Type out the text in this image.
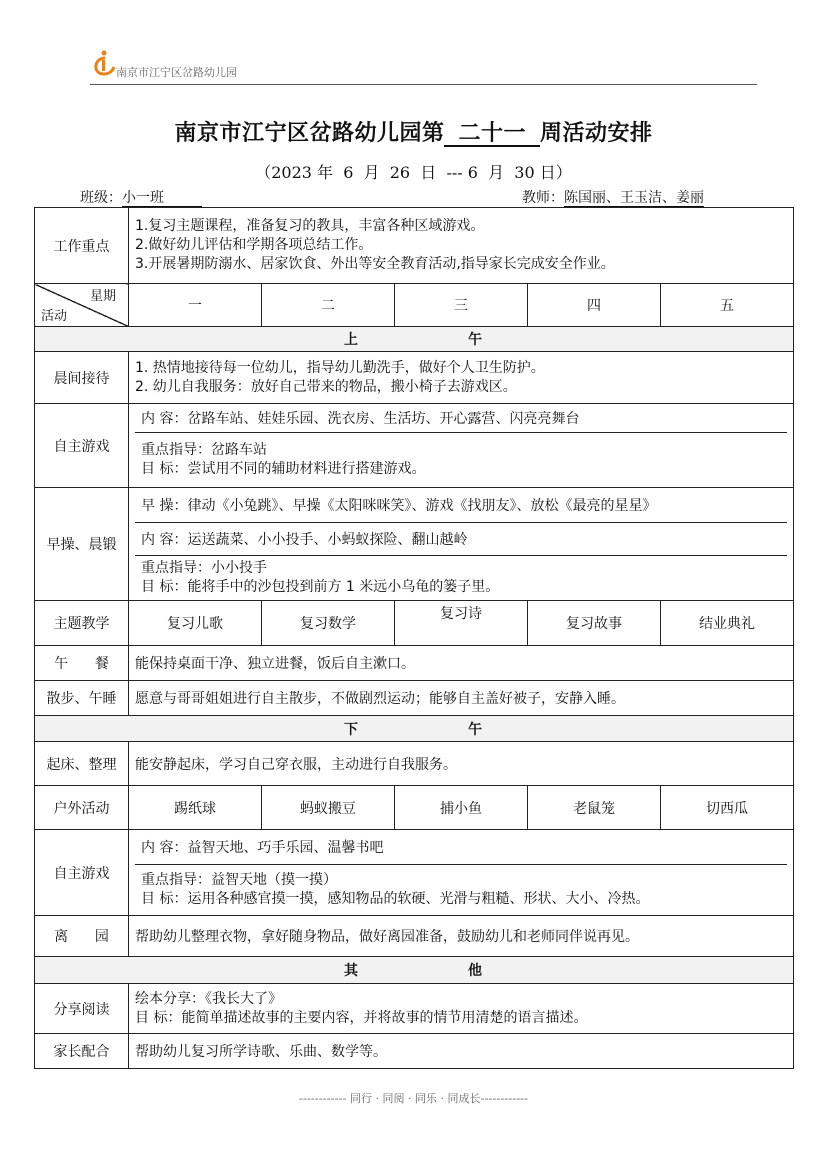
南京市江宁区岔路幼儿园
南京市江宁区岔路幼儿园第 二十一 周活动安排
（2023 年  6  月  26  日  --- 6  月  30 日）
班级：小一班	教师：陈国丽、王玉洁、姜丽
工作重点	1.复习主题课程，准备复习的教具，丰富各种区域游戏。
2.做好幼儿评估和学期各项总结工作。
3.开展暑期防溺水、居家饮食、外出等安全教育活动,指导家长完成安全作业。				

星期
活动	一	二	三	四	五
上 午					
晨间接待	1. 热情地接待每一位幼儿，指导幼儿勤洗手，做好个人卫生防护。
2. 幼儿自我服务：放好自己带来的物品，搬小椅子去游戏区。				

自主游戏	内 容：岔路车站、娃娃乐园、洗衣房、生活坊、开心露营、闪亮亮舞台
重点指导：岔路车站
目 标：尝试用不同的辅助材料进行搭建游戏。				

早操、晨锻	早 操：律动《小兔跳》、早操《太阳咪咪笑》、游戏《找朋友》、放松《最亮的星星》
内 容：运送蔬菜、小小投手、小蚂蚁探险、翻山越岭
重点指导：小小投手
目 标：能将手中的沙包投到前方 1 米远小乌龟的篓子里。				

主题教学	复习儿歌	复习数学	复习诗	复习故事	结业典礼
午      餐	能保持桌面干净、独立进餐，饭后自主漱口。				
散步、午睡	愿意与哥哥姐姐进行自主散步，不做剧烈运动；能够自主盖好被子，安静入睡。				
下 午					
起床、整理	能安静起床，学习自己穿衣服，主动进行自我服务。				
户外活动	踢纸球	蚂蚁搬豆	捕小鱼	老鼠笼	切西瓜
自主游戏	内 容：益智天地、巧手乐园、温馨书吧
重点指导：益智天地（摸一摸）
目 标：运用各种感官摸一摸，感知物品的软硬、光滑与粗糙、形状、大小、冷热。				

离      园	帮助幼儿整理衣物，拿好随身物品，做好离园准备，鼓励幼儿和老师同伴说再见。				
其 他					
分享阅读	绘本分享：《我长大了》
目 标：能简单描述故事的主要内容，并将故事的情节用清楚的语言描述。				

家长配合	帮助幼儿复习所学诗歌、乐曲、数学等。				
------------ 同行 · 同阅 · 同乐 · 同成长------------
